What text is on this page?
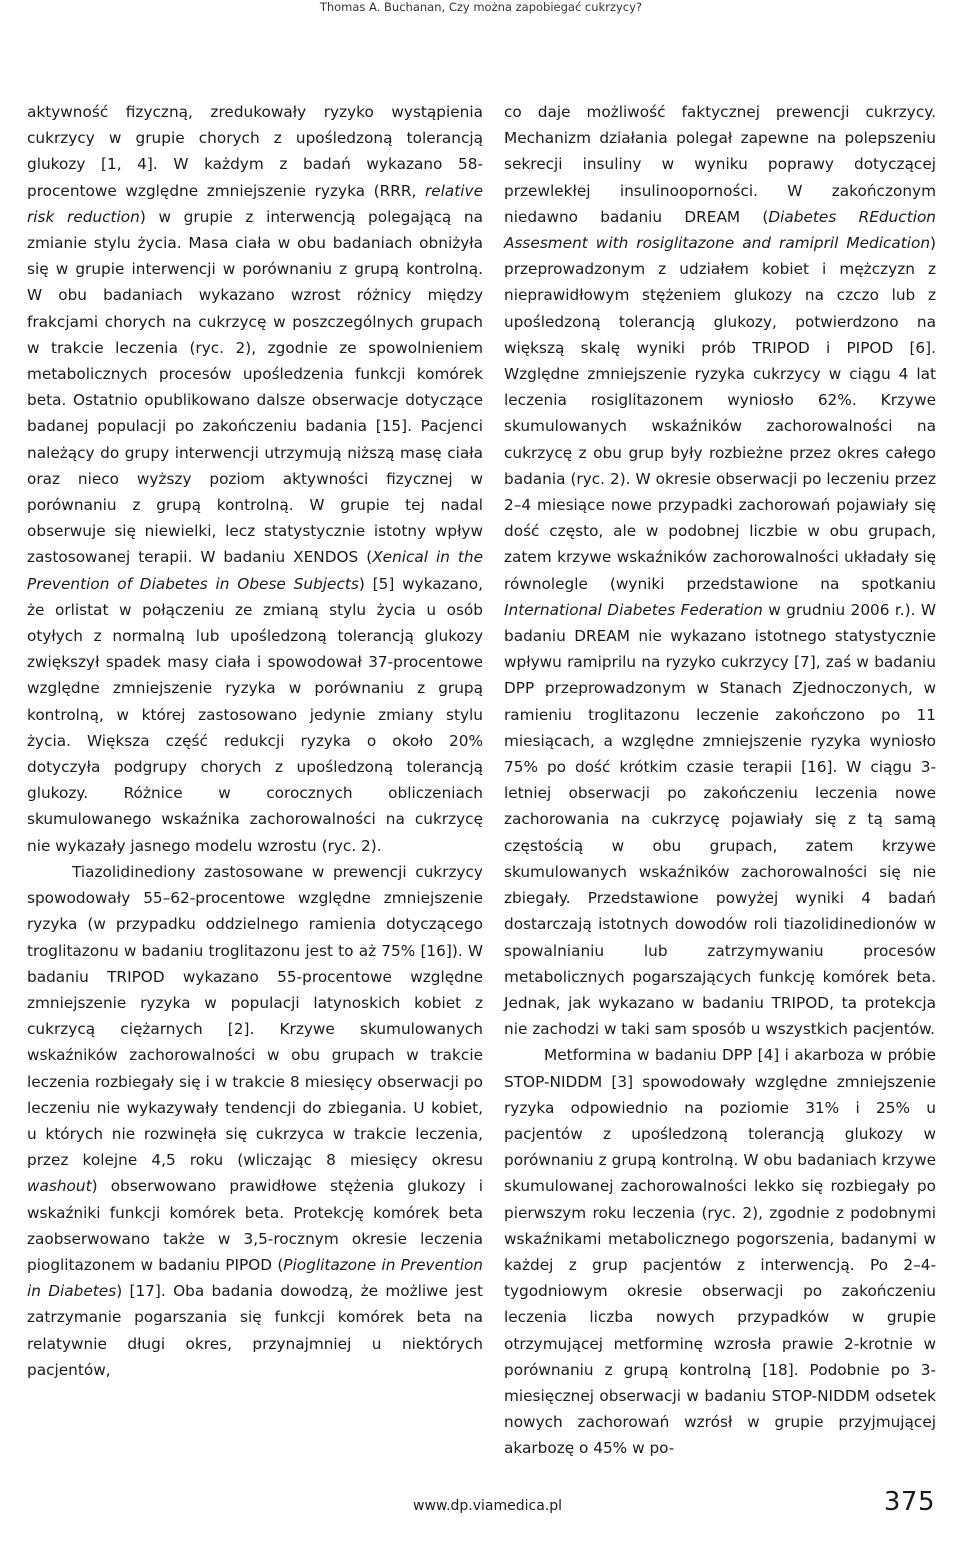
Thomas A. Buchanan, Czy można zapobiegać cukrzycy?

aktywność fizyczną, zredukowały ryzyko wystąpienia cukrzycy w grupie chorych z upośledzoną tolerancją glukozy [1, 4]. W każdym z badań wykazano 58-procentowe względne zmniejszenie ryzyka (RRR, relative risk reduction) w grupie z interwencją polegającą na zmianie stylu życia. Masa ciała w obu badaniach obniżyła się w grupie interwencji w porównaniu z grupą kontrolną. W obu badaniach wykazano wzrost różnicy między frakcjami chorych na cukrzycę w poszczególnych grupach w trakcie leczenia (ryc. 2), zgodnie ze spowolnieniem metabolicznych procesów upośledzenia funkcji komórek beta. Ostatnio opublikowano dalsze obserwacje dotyczące badanej populacji po zakończeniu badania [15]. Pacjenci należący do grupy interwencji utrzymują niższą masę ciała oraz nieco wyższy poziom aktywności fizycznej w porównaniu z grupą kontrolną. W grupie tej nadal obserwuje się niewielki, lecz statystycznie istotny wpływ zastosowanej terapii. W badaniu XENDOS (Xenical in the Prevention of Diabetes in Obese Subjects) [5] wykazano, że orlistat w połączeniu ze zmianą stylu życia u osób otyłych z normalną lub upośledzoną tolerancją glukozy zwiększył spadek masy ciała i spowodował 37-procentowe względne zmniejszenie ryzyka w porównaniu z grupą kontrolną, w której zastosowano jedynie zmiany stylu życia. Większa część redukcji ryzyka o około 20% dotyczyła podgrupy chorych z upośledzoną tolerancją glukozy. Różnice w corocznych obliczeniach skumulowanego wskaźnika zachorowalności na cukrzycę nie wykazały jasnego modelu wzrostu (ryc. 2).

Tiazolidinediony zastosowane w prewencji cukrzycy spowodowały 55–62-procentowe względne zmniejszenie ryzyka (w przypadku oddzielnego ramienia dotyczącego troglitazonu w badaniu troglitazonu jest to aż 75% [16]). W badaniu TRIPOD wykazano 55-procentowe względne zmniejszenie ryzyka w populacji latynoskich kobiet z cukrzycą ciężarnych [2]. Krzywe skumulowanych wskaźników zachorowalności w obu grupach w trakcie leczenia rozbiegały się i w trakcie 8 miesięcy obserwacji po leczeniu nie wykazywały tendencji do zbiegania. U kobiet, u których nie rozwinęła się cukrzyca w trakcie leczenia, przez kolejne 4,5 roku (wliczając 8 miesięcy okresu washout) obserwowano prawidłowe stężenia glukozy i wskaźniki funkcji komórek beta. Protekcję komórek beta zaobserwowano także w 3,5-rocznym okresie leczenia pioglitazonem w badaniu PIPOD (Pioglitazone in Prevention in Diabetes) [17]. Oba badania dowodzą, że możliwe jest zatrzymanie pogarszania się funkcji komórek beta na relatywnie długi okres, przynajmniej u niektórych pacjentów,

co daje możliwość faktycznej prewencji cukrzycy. Mechanizm działania polegał zapewne na polepszeniu sekrecji insuliny w wyniku poprawy dotyczącej przewlekłej insulinooporności. W zakończonym niedawno badaniu DREAM (Diabetes REduction Assesment with rosiglitazone and ramipril Medication) przeprowadzonym z udziałem kobiet i mężczyzn z nieprawidłowym stężeniem glukozy na czczo lub z upośledzoną tolerancją glukozy, potwierdzono na większą skalę wyniki prób TRIPOD i PIPOD [6]. Względne zmniejszenie ryzyka cukrzycy w ciągu 4 lat leczenia rosiglitazonem wyniosło 62%. Krzywe skumulowanych wskaźników zachorowalności na cukrzycę z obu grup były rozbieżne przez okres całego badania (ryc. 2). W okresie obserwacji po leczeniu przez 2–4 miesiące nowe przypadki zachorowań pojawiały się dość często, ale w podobnej liczbie w obu grupach, zatem krzywe wskaźników zachorowalności układały się równolegle (wyniki przedstawione na spotkaniu International Diabetes Federation w grudniu 2006 r.). W badaniu DREAM nie wykazano istotnego statystycznie wpływu ramiprilu na ryzyko cukrzycy [7], zaś w badaniu DPP przeprowadzonym w Stanach Zjednoczonych, w ramieniu troglitazonu leczenie zakończono po 11 miesiącach, a względne zmniejszenie ryzyka wyniosło 75% po dość krótkim czasie terapii [16]. W ciągu 3-letniej obserwacji po zakończeniu leczenia nowe zachorowania na cukrzycę pojawiały się z tą samą częstością w obu grupach, zatem krzywe skumulowanych wskaźników zachorowalności się nie zbiegały. Przedstawione powyżej wyniki 4 badań dostarczają istotnych dowodów roli tiazolidinedionów w spowalnianiu lub zatrzymywaniu procesów metabolicznych pogarszających funkcję komórek beta. Jednak, jak wykazano w badaniu TRIPOD, ta protekcja nie zachodzi w taki sam sposób u wszystkich pacjentów.

Metformina w badaniu DPP [4] i akarboza w próbie STOP-NIDDM [3] spowodowały względne zmniejszenie ryzyka odpowiednio na poziomie 31% i 25% u pacjentów z upośledzoną tolerancją glukozy w porównaniu z grupą kontrolną. W obu badaniach krzywe skumulowanej zachorowalności lekko się rozbiegały po pierwszym roku leczenia (ryc. 2), zgodnie z podobnymi wskaźnikami metabolicznego pogorszenia, badanymi w każdej z grup pacjentów z interwencją. Po 2–4-tygodniowym okresie obserwacji po zakończeniu leczenia liczba nowych przypadków w grupie otrzymującej metforminę wzrosła prawie 2-krotnie w porównaniu z grupą kontrolną [18]. Podobnie po 3-miesięcznej obserwacji w badaniu STOP-NIDDM odsetek nowych zachorowań wzrósł w grupie przyjmującej akarbozę o 45% w po-

www.dp.viamedica.pl	375
